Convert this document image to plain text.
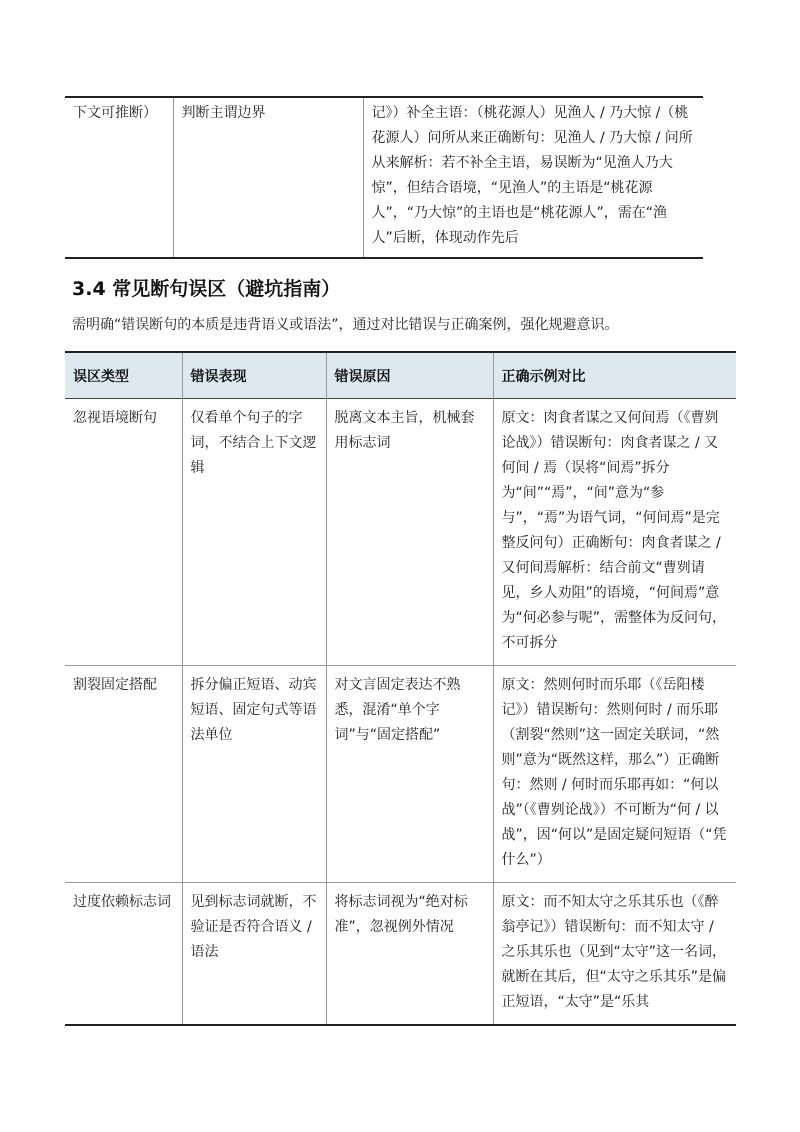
下文可推断）	判断主谓边界	记》）补全主语：（桃花源人）见渔人 / 乃大惊 /（桃花源人）问所从来正确断句：见渔人 / 乃大惊 / 问所从来解析：若不补全主语，易误断为“见渔人乃大惊”，但结合语境，“见渔人”的主语是“桃花源人”，“乃大惊”的主语也是“桃花源人”，需在“渔人”后断，体现动作先后
3.4 常见断句误区（避坑指南）

需明确“错误断句的本质是违背语义或语法”，通过对比错误与正确案例，强化规避意识。

误区类型	错误表现	错误原因	正确示例对比
忽视语境断句	仅看单个句子的字词，不结合上下文逻辑	脱离文本主旨，机械套用标志词	原文：肉食者谋之又何间焉（《曹刿论战》）错误断句：肉食者谋之 / 又何间 / 焉（误将“间焉”拆分为“间”“焉”，“间”意为“参与”，“焉”为语气词，“何间焉”是完整反问句）正确断句：肉食者谋之 / 又何间焉解析：结合前文“曹刿请见，乡人劝阻”的语境，“何间焉”意为“何必参与呢”，需整体为反问句，不可拆分
割裂固定搭配	拆分偏正短语、动宾短语、固定句式等语法单位	对文言固定表达不熟悉，混淆“单个字词”与“固定搭配”	原文：然则何时而乐耶（《岳阳楼记》）错误断句：然则何时 / 而乐耶（割裂“然则”这一固定关联词，“然则”意为“既然这样，那么”）正确断句：然则 / 何时而乐耶再如：“何以战”（《曹刿论战》）不可断为“何 / 以战”，因“何以”是固定疑问短语（“凭什么”）
过度依赖标志词	见到标志词就断，不验证是否符合语义 / 语法	将标志词视为“绝对标准”，忽视例外情况	原文：而不知太守之乐其乐也（《醉翁亭记》）错误断句：而不知太守 / 之乐其乐也（见到“太守”这一名词，就断在其后，但“太守之乐其乐”是偏正短语，“太守”是“乐其
